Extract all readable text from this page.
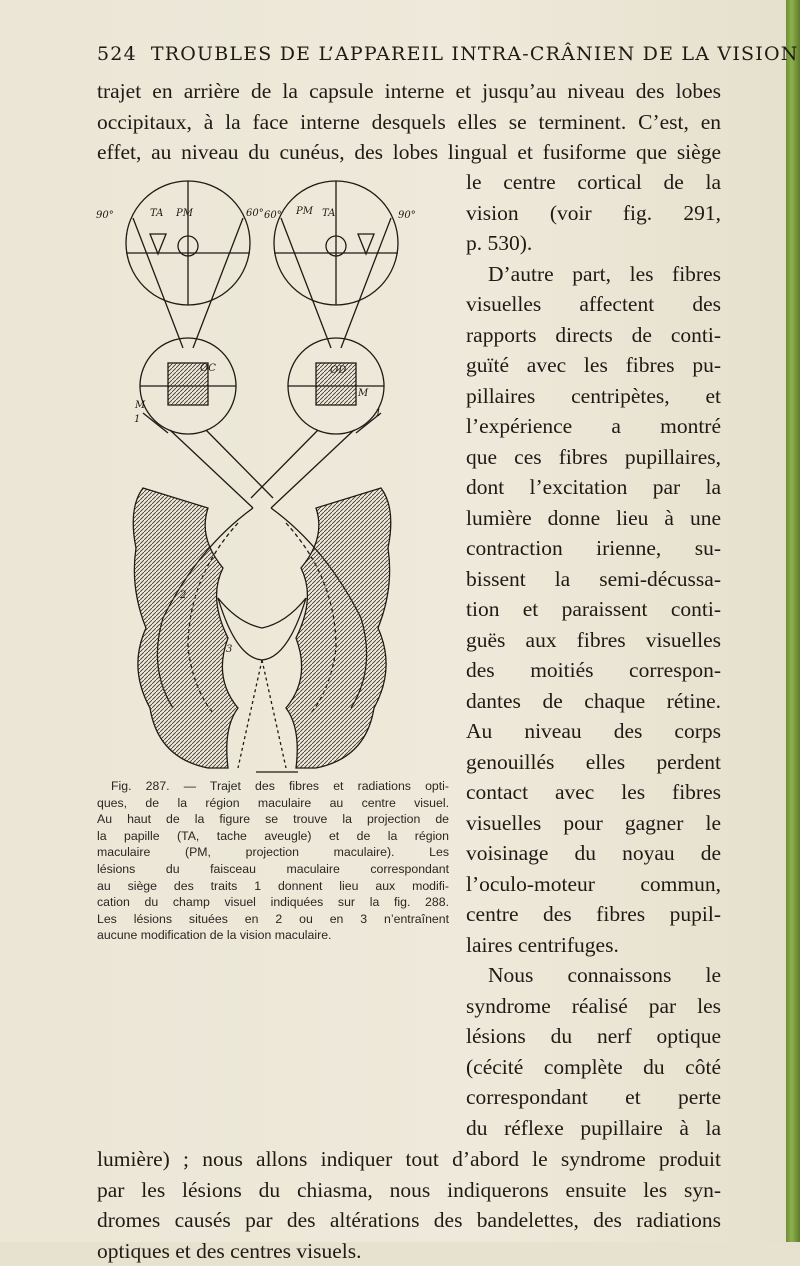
524 TROUBLES DE L’APPAREIL INTRA-CRÂNIEN DE LA VISION
trajet en arrière de la capsule interne et jusqu’au niveau des lobes
occipitaux, à la face interne desquels elles se terminent. C’est, en
effet, au niveau du cunéus, des lobes lingual et fusiforme que siège
le centre cortical de la
vision (voir fig. 291,
p. 530).
D’autre part, les fibres
visuelles affectent des
rapports directs de conti-
guïté avec les fibres pu-
pillaires centripètes, et
l’expérience a montré
que ces fibres pupillaires,
dont l’excitation par la
lumière donne lieu à une
contraction irienne, su-
bissent la semi-décussa-
tion et paraissent conti-
guës aux fibres visuelles
des moitiés correspon-
dantes de chaque rétine.
Au niveau des corps
genouillés elles perdent
contact avec les fibres
visuelles pour gagner le
voisinage du noyau de
l’oculo-moteur commun,
centre des fibres pupil-
laires centrifuges.
Nous connaissons le
syndrome réalisé par les
lésions du nerf optique
(cécité complète du côté
correspondant et perte
du réflexe pupillaire à la
lumière) ; nous allons indiquer tout d’abord le syndrome produit
par les lésions du chiasma, nous indiquerons ensuite les syn-
dromes causés par des altérations des bandelettes, des radiations
optiques et des centres visuels.
90°	TA PM	60° 60° PM TA	90°
OC	OD
M
M
1
1
2
3
Fig. 287. — Trajet des fibres et radiations opti-
ques, de la région maculaire au centre visuel.
Au haut de la figure se trouve la projection de
la papille (TA, tache aveugle) et de la région
maculaire (PM, projection maculaire). Les
lésions du faisceau maculaire correspondant
au siège des traits 1 donnent lieu aux modifi-
cation du champ visuel indiquées sur la fig. 288.
Les lésions situées en 2 ou en 3 n’entraînent
aucune modification de la vision maculaire.
